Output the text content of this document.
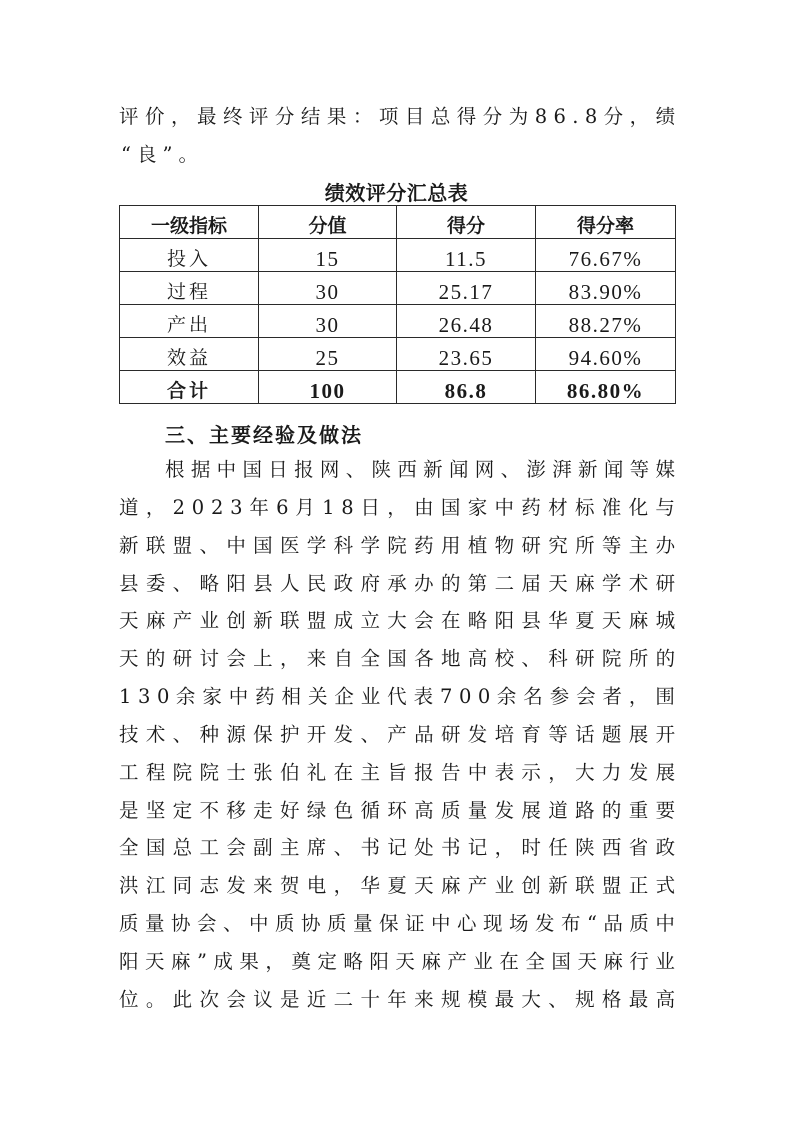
评 价 ， 最 终 评 分 结 果 ： 项 目 总 得 分 为 8 6 . 8 分 ， 绩
“良”。
绩效评分汇总表
一级指标	分值	得分	得分率
投入	15	11.5	76.67%
过程	30	25.17	83.90%
产出	30	26.48	88.27%
效益	25	23.65	94.60%
合计	100	86.8	86.80%
三、主要经验及做法
根 据 中 国 日 报 网 、 陕 西 新 闻 网 、 澎 湃 新 闻 等 媒
道 ， 2 0 2 3 年 6 月 1 8 日 ， 由 国 家 中 药 材 标 准 化 与
新 联 盟 、 中 国 医 学 科 学 院 药 用 植 物 研 究 所 等 主 办
县 委 、 略 阳 县 人 民 政 府 承 办 的 第 二 届 天 麻 学 术 研
天 麻 产 业 创 新 联 盟 成 立 大 会 在 略 阳 县 华 夏 天 麻 城
天 的 研 讨 会 上 ， 来 自 全 国 各 地 高 校 、 科 研 院 所 的
1 3 0 余 家 中 药 相 关 企 业 代 表 7 0 0 余 名 参 会 者 ， 围
技 术 、 种 源 保 护 开 发 、 产 品 研 发 培 育 等 话 题 展 开
工 程 院 院 士 张 伯 礼 在 主 旨 报 告 中 表 示 ， 大 力 发 展
是 坚 定 不 移 走 好 绿 色 循 环 高 质 量 发 展 道 路 的 重 要
全 国 总 工 会 副 主 席 、 书 记 处 书 记 ， 时 任 陕 西 省 政
洪 江 同 志 发 来 贺 电 ， 华 夏 天 麻 产 业 创 新 联 盟 正 式
质 量 协 会 、 中 质 协 质 量 保 证 中 心 现 场 发 布 “ 品 质 中
阳 天 麻 ” 成 果 ， 奠 定 略 阳 天 麻 产 业 在 全 国 天 麻 行 业
位 。 此 次 会 议 是 近 二 十 年 来 规 模 最 大 、 规 格 最 高
